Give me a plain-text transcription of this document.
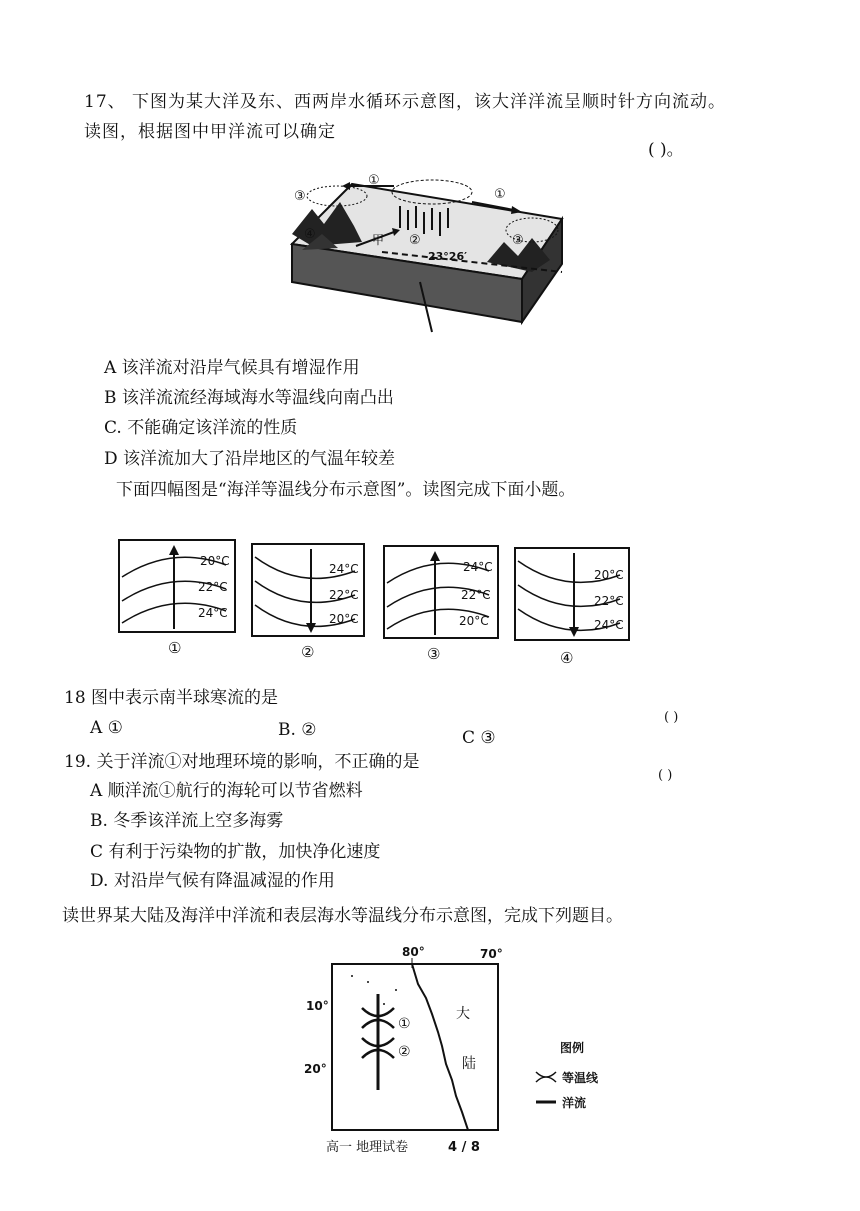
17、 下图为某大洋及东、西两岸水循环示意图，该大洋洋流呈顺时针方向流动。
读图，根据图中甲洋流可以确定
( )。
①
①
③
③
④	②
甲
23°26′
A 该洋流对沿岸气候具有增湿作用
B 该洋流流经海域海水等温线向南凸出
C. 不能确定该洋流的性质
D 该洋流加大了沿岸地区的气温年较差
下面四幅图是“海洋等温线分布示意图”。读图完成下面小题。
20°C
22°C
24°C
①
24°C
22°C
20°C
②
24°C
22°C
20°C
③
20°C
22°C
24°C
④
18 图中表示南半球寒流的是
( )
A ①	B. ②	C ③
19. 关于洋流①对地理环境的影响，不正确的是
( )
A 顺洋流①航行的海轮可以节省燃料
B. 冬季该洋流上空多海雾
C 有利于污染物的扩散，加快净化速度
D. 对沿岸气候有降温减湿的作用
读世界某大陆及海洋中洋流和表层海水等温线分布示意图，完成下列题目。
80°	70°
10°
20°
①
②
大
陆
图例
等温线
洋流
高一 地理试卷	4 / 8
